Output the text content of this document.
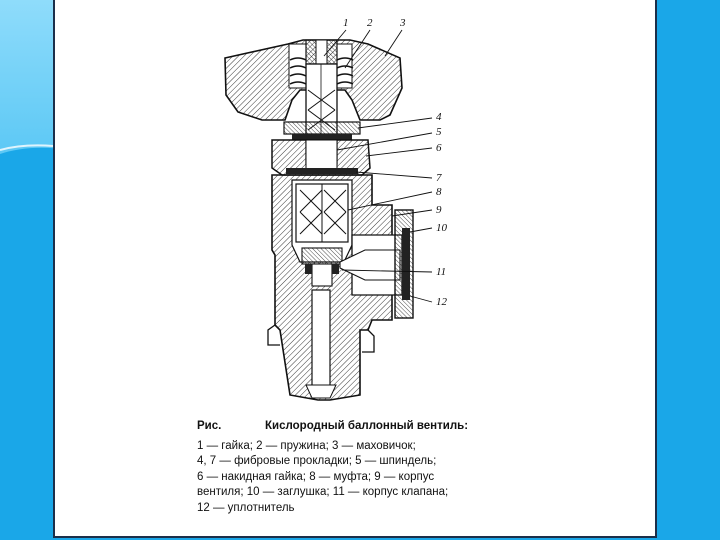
1 2	3
4
5
6
7
8
9
10
11
12
Рис.	Кислородный баллонный вентиль:
1 — гайка; 2 — пружина; 3 — маховичок;
4, 7 — фибровые прокладки; 5 — шпиндель;
6 — накидная гайка; 8 — муфта; 9 — корпус
вентиля; 10 — заглушка; 11 — корпус клапана;
12 — уплотнитель
